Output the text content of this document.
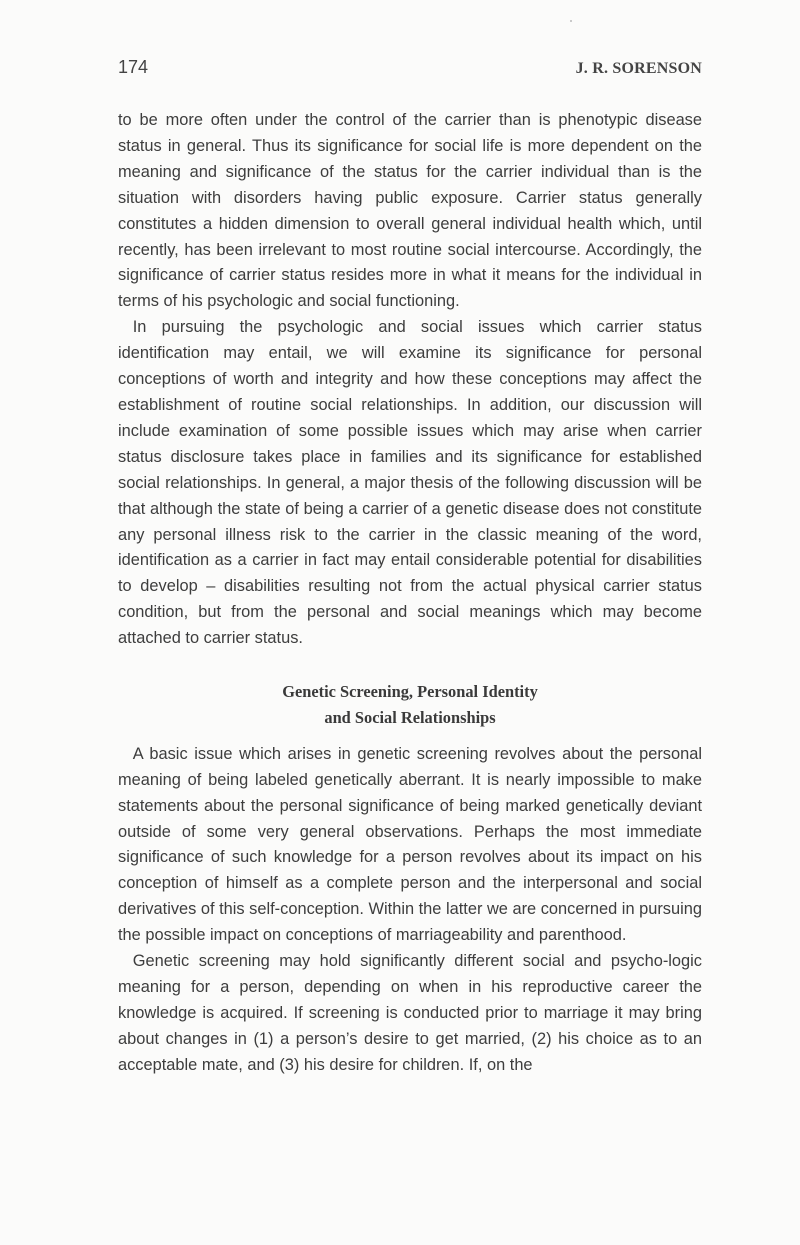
174	J. R. SORENSON

to be more often under the control of the carrier than is phenotypic disease status in general. Thus its significance for social life is more dependent on the meaning and significance of the status for the carrier individual than is the situation with disorders having public exposure. Carrier status generally constitutes a hidden dimension to overall general individual health which, until recently, has been irrelevant to most routine social intercourse. Accordingly, the significance of carrier status resides more in what it means for the individual in terms of his psychologic and social functioning.

In pursuing the psychologic and social issues which carrier status identification may entail, we will examine its significance for personal conceptions of worth and integrity and how these conceptions may affect the establishment of routine social relationships. In addition, our discussion will include examination of some possible issues which may arise when carrier status disclosure takes place in families and its significance for established social relationships. In general, a major thesis of the following discussion will be that although the state of being a carrier of a genetic disease does not constitute any personal illness risk to the carrier in the classic meaning of the word, identification as a carrier in fact may entail considerable potential for disabilities to develop – disabilities resulting not from the actual physical carrier status condition, but from the personal and social meanings which may become attached to carrier status.

Genetic Screening, Personal Identity
and Social Relationships

A basic issue which arises in genetic screening revolves about the personal meaning of being labeled genetically aberrant. It is nearly impossible to make statements about the personal significance of being marked genetically deviant outside of some very general observations. Perhaps the most immediate significance of such knowledge for a person revolves about its impact on his conception of himself as a complete person and the interpersonal and social derivatives of this self-conception. Within the latter we are concerned in pursuing the possible impact on conceptions of marriageability and parenthood.

Genetic screening may hold significantly different social and psycho-logic meaning for a person, depending on when in his reproductive career the knowledge is acquired. If screening is conducted prior to marriage it may bring about changes in (1) a person’s desire to get married, (2) his choice as to an acceptable mate, and (3) his desire for children. If, on the
